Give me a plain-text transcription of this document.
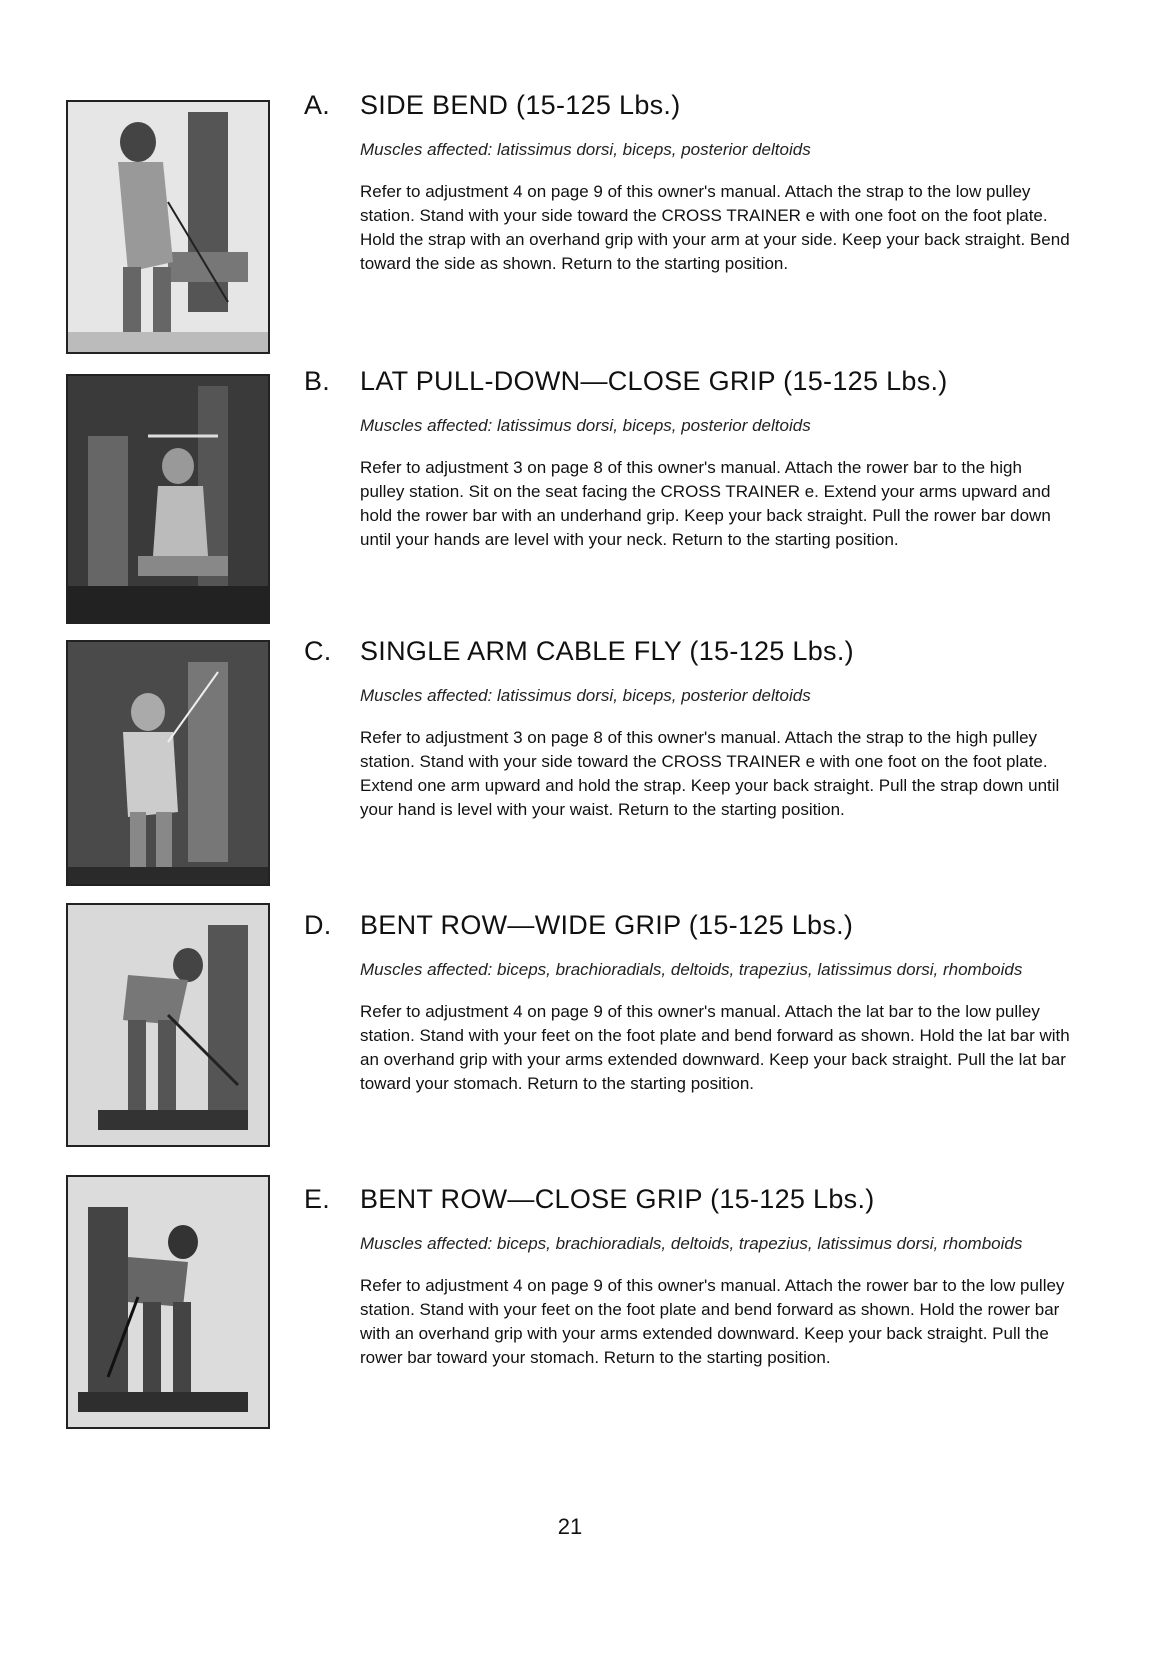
A.	SIDE BEND (15-125 Lbs.)
Muscles affected: latissimus dorsi, biceps, posterior deltoids
Refer to adjustment 4 on page 9 of this owner's manual. Attach the strap to the low pulley station. Stand with your side toward the CROSS TRAINER e with one foot on the foot plate. Hold the strap with an overhand grip with your arm at your side. Keep your back straight. Bend toward the side as shown. Return to the starting position.
B.	LAT PULL-DOWN—CLOSE GRIP (15-125 Lbs.)
Muscles affected: latissimus dorsi, biceps, posterior deltoids
Refer to adjustment 3 on page 8 of this owner's manual. Attach the rower bar to the high pulley station. Sit on the seat facing the CROSS TRAINER e. Extend your arms upward and hold the rower bar with an underhand grip. Keep your back straight. Pull the rower bar down until your hands are level with your neck. Return to the starting position.
C.	SINGLE ARM CABLE FLY (15-125 Lbs.)
Muscles affected: latissimus dorsi, biceps, posterior deltoids
Refer to adjustment 3 on page 8 of this owner's manual. Attach the strap to the high pulley station. Stand with your side toward the CROSS TRAINER e with one foot on the foot plate. Extend one arm upward and hold the strap. Keep your back straight. Pull the strap down until your hand is level with your waist. Return to the starting position.
D.	BENT ROW—WIDE GRIP (15-125 Lbs.)
Muscles affected: biceps, brachioradials, deltoids, trapezius, latissimus dorsi, rhomboids
Refer to adjustment 4 on page 9 of this owner's manual. Attach the lat bar to the low pulley station. Stand with your feet on the foot plate and bend forward as shown. Hold the lat bar with an overhand grip with your arms extended downward. Keep your back straight. Pull the lat bar toward your stomach. Return to the starting position.
E.	BENT ROW—CLOSE GRIP (15-125 Lbs.)
Muscles affected: biceps, brachioradials, deltoids, trapezius, latissimus dorsi, rhomboids
Refer to adjustment 4 on page 9 of this owner's manual. Attach the rower bar to the low pulley station. Stand with your feet on the foot plate and bend forward as shown. Hold the rower bar with an overhand grip with your arms extended downward. Keep your back straight. Pull the rower bar toward your stomach. Return to the starting position.
21
